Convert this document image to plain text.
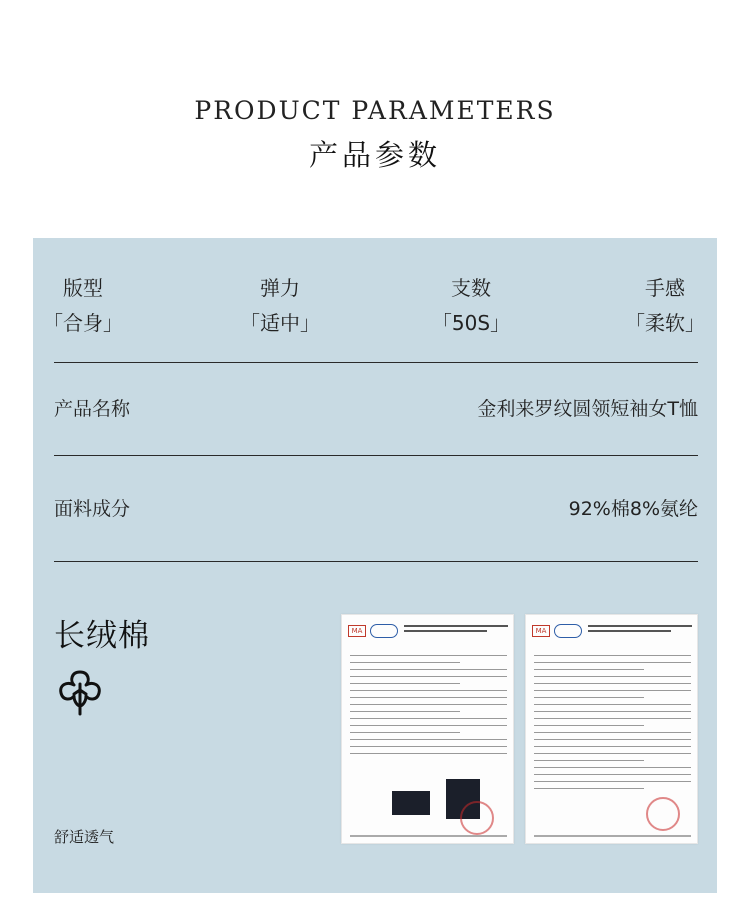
PRODUCT PARAMETERS
产品参数
版型
「合身」
弹力
「适中」
支数
「50S」
手感
「柔软」
产品名称	金利来罗纹圆领短袖女T恤
面料成分	92%棉8%氨纶
长绒棉
舒适透气
MA	MA
